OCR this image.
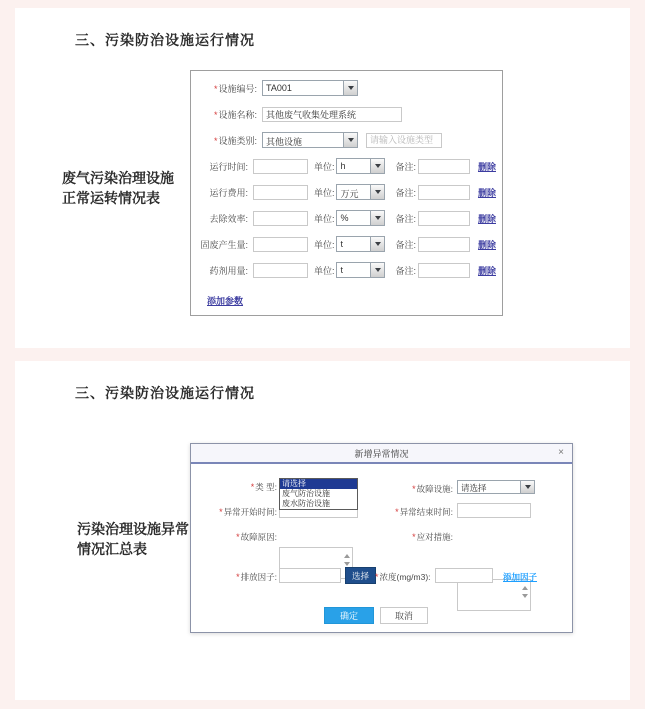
三、污染防治设施运行情况
废气污染治理设施
正常运转情况表
*设施编号:	TA001
*设施名称:
其他废气收集处理系统
*设施类别:	其他设施
请输入设施类型
运行时间:	单位: h	备注:	删除
运行费用:	单位: 万元	备注:	删除
去除效率:	单位: %	备注:	删除
固废产生量:	单位: t	备注:	删除
药剂用量:	单位: t	备注:	删除
添加参数
三、污染防治设施运行情况
污染治理设施异常
情况汇总表
新增异常情况	×
*类 型: 请选择
废气防治设施
废水防治设施
*故障设施: 请选择
*异常开始时间:	*异常结束时间:
*故障原因:	*应对措施:
*排放因子:	选择 *浓度(mg/m3):	添加因子
确定	取消
